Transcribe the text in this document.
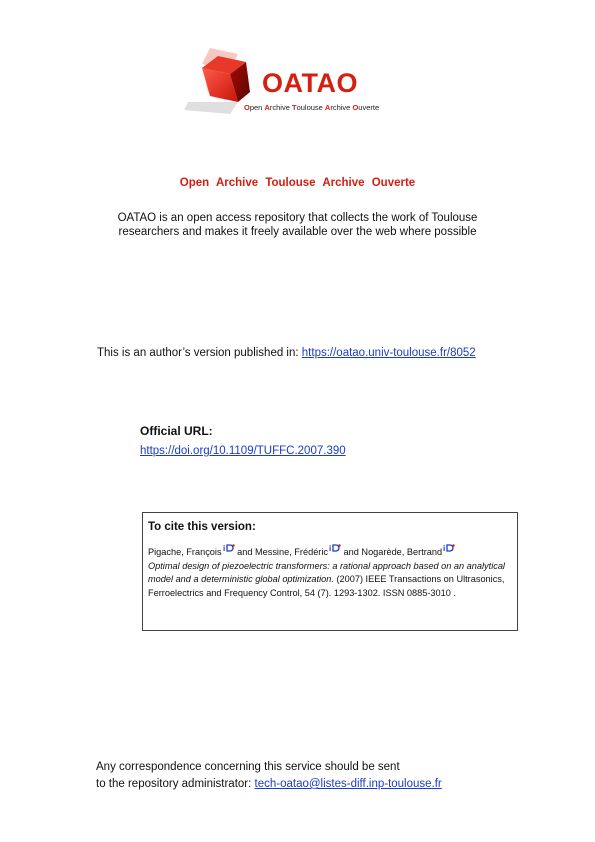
OATAO
Open Archive Toulouse Archive Ouverte
Open Archive Toulouse Archive Ouverte
OATAO is an open access repository that collects the work of Toulouse
researchers and makes it freely available over the web where possible
This is an author’s version published in: https://oatao.univ-toulouse.fr/8052
Official URL:
https://doi.org/10.1109/TUFFC.2007.390
To cite this version:
Pigache, François i and Messine, Frédéric i and Nogarède, Bertrand i

Optimal design of piezoelectric transformers: a rational approach based on an analytical model and a deterministic global optimization. (2007) IEEE Transactions on Ultrasonics, Ferroelectrics and Frequency Control, 54 (7). 1293-1302. ISSN 0885-3010 .
Any correspondence concerning this service should be sent
to the repository administrator: tech-oatao@listes-diff.inp-toulouse.fr
